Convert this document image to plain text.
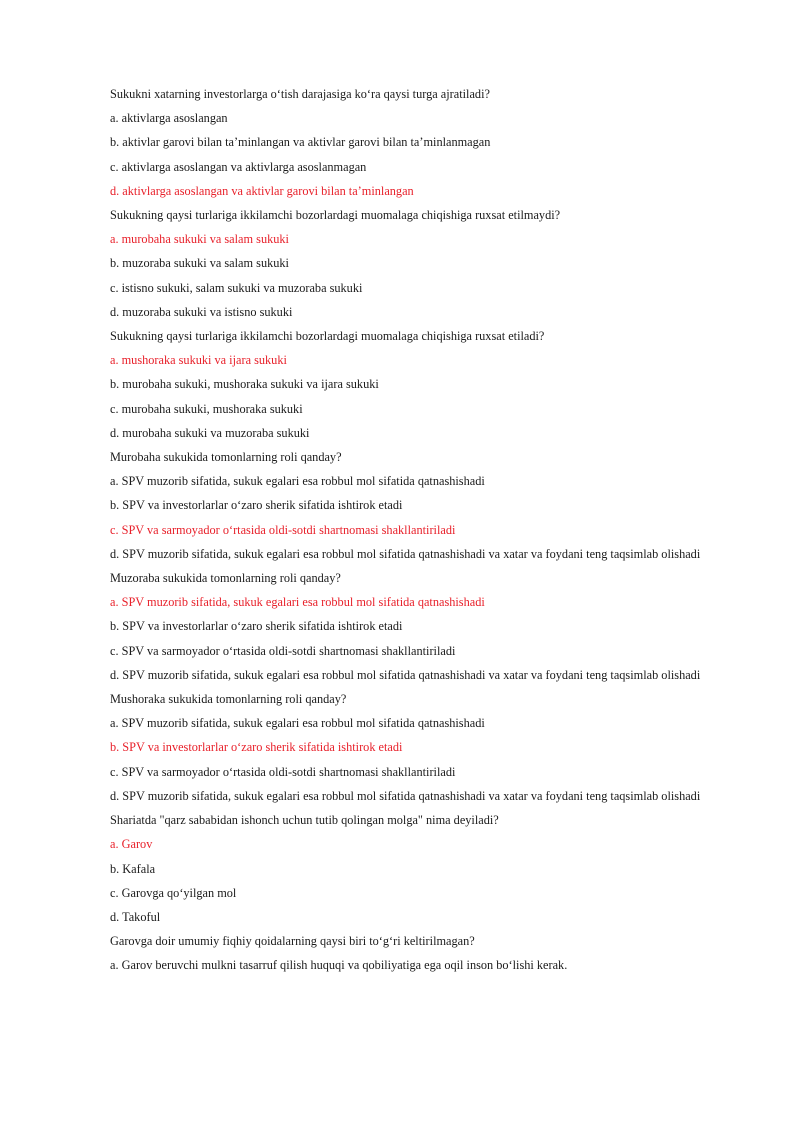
Sukukni xatarning investorlarga o‘tish darajasiga ko‘ra qaysi turga ajratiladi?
a. aktivlarga asoslangan
b. aktivlar garovi bilan ta’minlangan va aktivlar garovi bilan ta’minlanmagan
c. aktivlarga asoslangan va aktivlarga asoslanmagan
d. aktivlarga asoslangan va aktivlar garovi bilan ta’minlangan
Sukukning qaysi turlariga ikkilamchi bozorlardagi muomalaga chiqishiga ruxsat etilmaydi?
a. murobaha sukuki va salam sukuki
b. muzoraba sukuki va salam sukuki
c. istisno sukuki, salam sukuki va muzoraba sukuki
d. muzoraba sukuki va istisno sukuki
Sukukning qaysi turlariga ikkilamchi bozorlardagi muomalaga chiqishiga ruxsat etiladi?
a. mushoraka sukuki va ijara sukuki
b. murobaha sukuki, mushoraka sukuki va ijara sukuki
c. murobaha sukuki, mushoraka sukuki
d. murobaha sukuki va muzoraba sukuki
Murobaha sukukida tomonlarning roli qanday?
a. SPV muzorib sifatida, sukuk egalari esa robbul mol sifatida qatnashishadi
b. SPV va investorlarlar o‘zaro sherik sifatida ishtirok etadi
c. SPV va sarmoyador o‘rtasida oldi-sotdi shartnomasi shakllantiriladi
d. SPV muzorib sifatida, sukuk egalari esa robbul mol sifatida qatnashishadi va xatar va foydani teng taqsimlab olishadi
Muzoraba sukukida tomonlarning roli qanday?
a. SPV muzorib sifatida, sukuk egalari esa robbul mol sifatida qatnashishadi
b. SPV va investorlarlar o‘zaro sherik sifatida ishtirok etadi
c. SPV va sarmoyador o‘rtasida oldi-sotdi shartnomasi shakllantiriladi
d. SPV muzorib sifatida, sukuk egalari esa robbul mol sifatida qatnashishadi va xatar va foydani teng taqsimlab olishadi
Mushoraka sukukida tomonlarning roli qanday?
a. SPV muzorib sifatida, sukuk egalari esa robbul mol sifatida qatnashishadi
b. SPV va investorlarlar o‘zaro sherik sifatida ishtirok etadi
c. SPV va sarmoyador o‘rtasida oldi-sotdi shartnomasi shakllantiriladi
d. SPV muzorib sifatida, sukuk egalari esa robbul mol sifatida qatnashishadi va xatar va foydani teng taqsimlab olishadi
Shariatda "qarz sababidan ishonch uchun tutib qolingan molga" nima deyiladi?
a. Garov
b. Kafala
c. Garovga qo‘yilgan mol
d. Takoful
Garovga doir umumiy fiqhiy qoidalarning qaysi biri to‘g‘ri keltirilmagan?
a. Garov beruvchi mulkni tasarruf qilish huquqi va qobiliyatiga ega oqil inson bo‘lishi kerak.
